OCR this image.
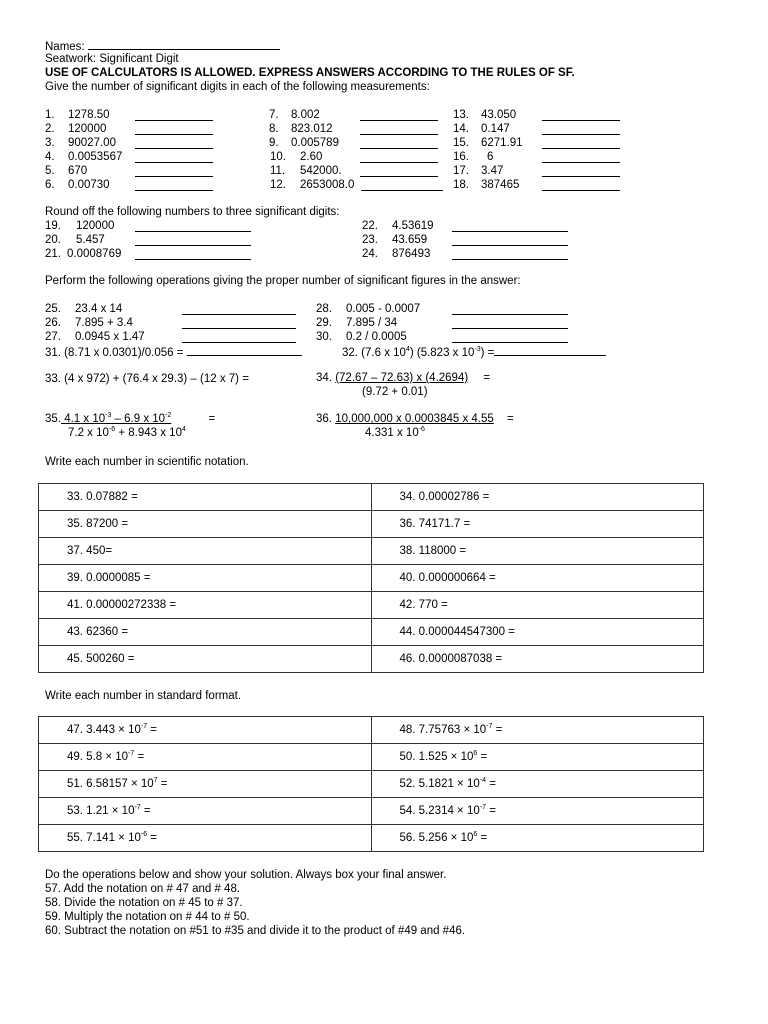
Names:
Seatwork: Significant Digit
USE OF CALCULATORS IS ALLOWED. EXPRESS ANSWERS ACCORDING TO THE RULES OF SF.
Give the number of significant digits in each of the following measurements:
1. 1278.50
2. 120000
3. 90027.00
4. 0.0053567
5. 670
6. 0.00730
7. 8.002
8. 823.012
9. 0.005789
10. 2.60
11. 542000.
12. 2653008.0
13. 43.050
14. 0.147
15. 6271.91
16. 6
17. 3.47
18. 387465
Round off the following numbers to three significant digits:
19. 120000
20. 5.457
21. 0.0008769
22. 4.53619
23. 43.659
24. 876493
Perform the following operations giving the proper number of significant figures in the answer:
25. 23.4 x 14
26. 7.895 + 3.4
27. 0.0945 x 1.47
28. 0.005 - 0.0007
29. 7.895 / 34
30. 0.2 / 0.0005
31. (8.71 x 0.0301)/0.056 =	32. (7.6 x $10^4$) (5.823 x $10^{-3}$) =
33. (4 x 972) + (76.4 x 29.3) – (12 x 7) =	34. (72.67 – 72.63) x (4.2694) =
(9.72 + 0.01)
35. 4.1 x $10^{-3} - 6.9$ x $10^{-2}$	=
7.2 x $10^{-6} + 8.943$ x $10^4$
36. 10,000,000 x 0.0003845 x 4.55 =
4.331 x $10^{-6}$
Write each number in scientific notation.
33. 0.07882 =	34. 0.00002786 =
35. 87200 =	36. 74171.7 =
37. 450=	38. 118000 =
39. 0.0000085 =	40. 0.000000664 =
41. 0.00000272338 =	42. 770 =
43. 62360 =	44. 0.000044547300 =
45. 500260 =	46. 0.0000087038 =
Write each number in standard format.
47. $3.443 \times 10^{-7}$ =	48. $7.75763 \times 10^{-7}$ =
49. $5.8 \times 10^{-7}$ =	50. $1.525 \times 10^6$ =
51. $6.58157 \times 10^7$ =	52. $5.1821 \times 10^{-4}$ =
53. $1.21 \times 10^{-7}$ =	54. $5.2314 \times 10^{-7}$ =
55. $7.141 \times 10^{-6}$ =	56. $5.256 \times 10^6$ =
Do the operations below and show your solution. Always box your final answer.
57. Add the notation on # 47 and # 48.
58. Divide the notation on # 45 to # 37.
59. Multiply the notation on # 44 to # 50.
60. Subtract the notation on #51 to #35 and divide it to the product of #49 and #46.
